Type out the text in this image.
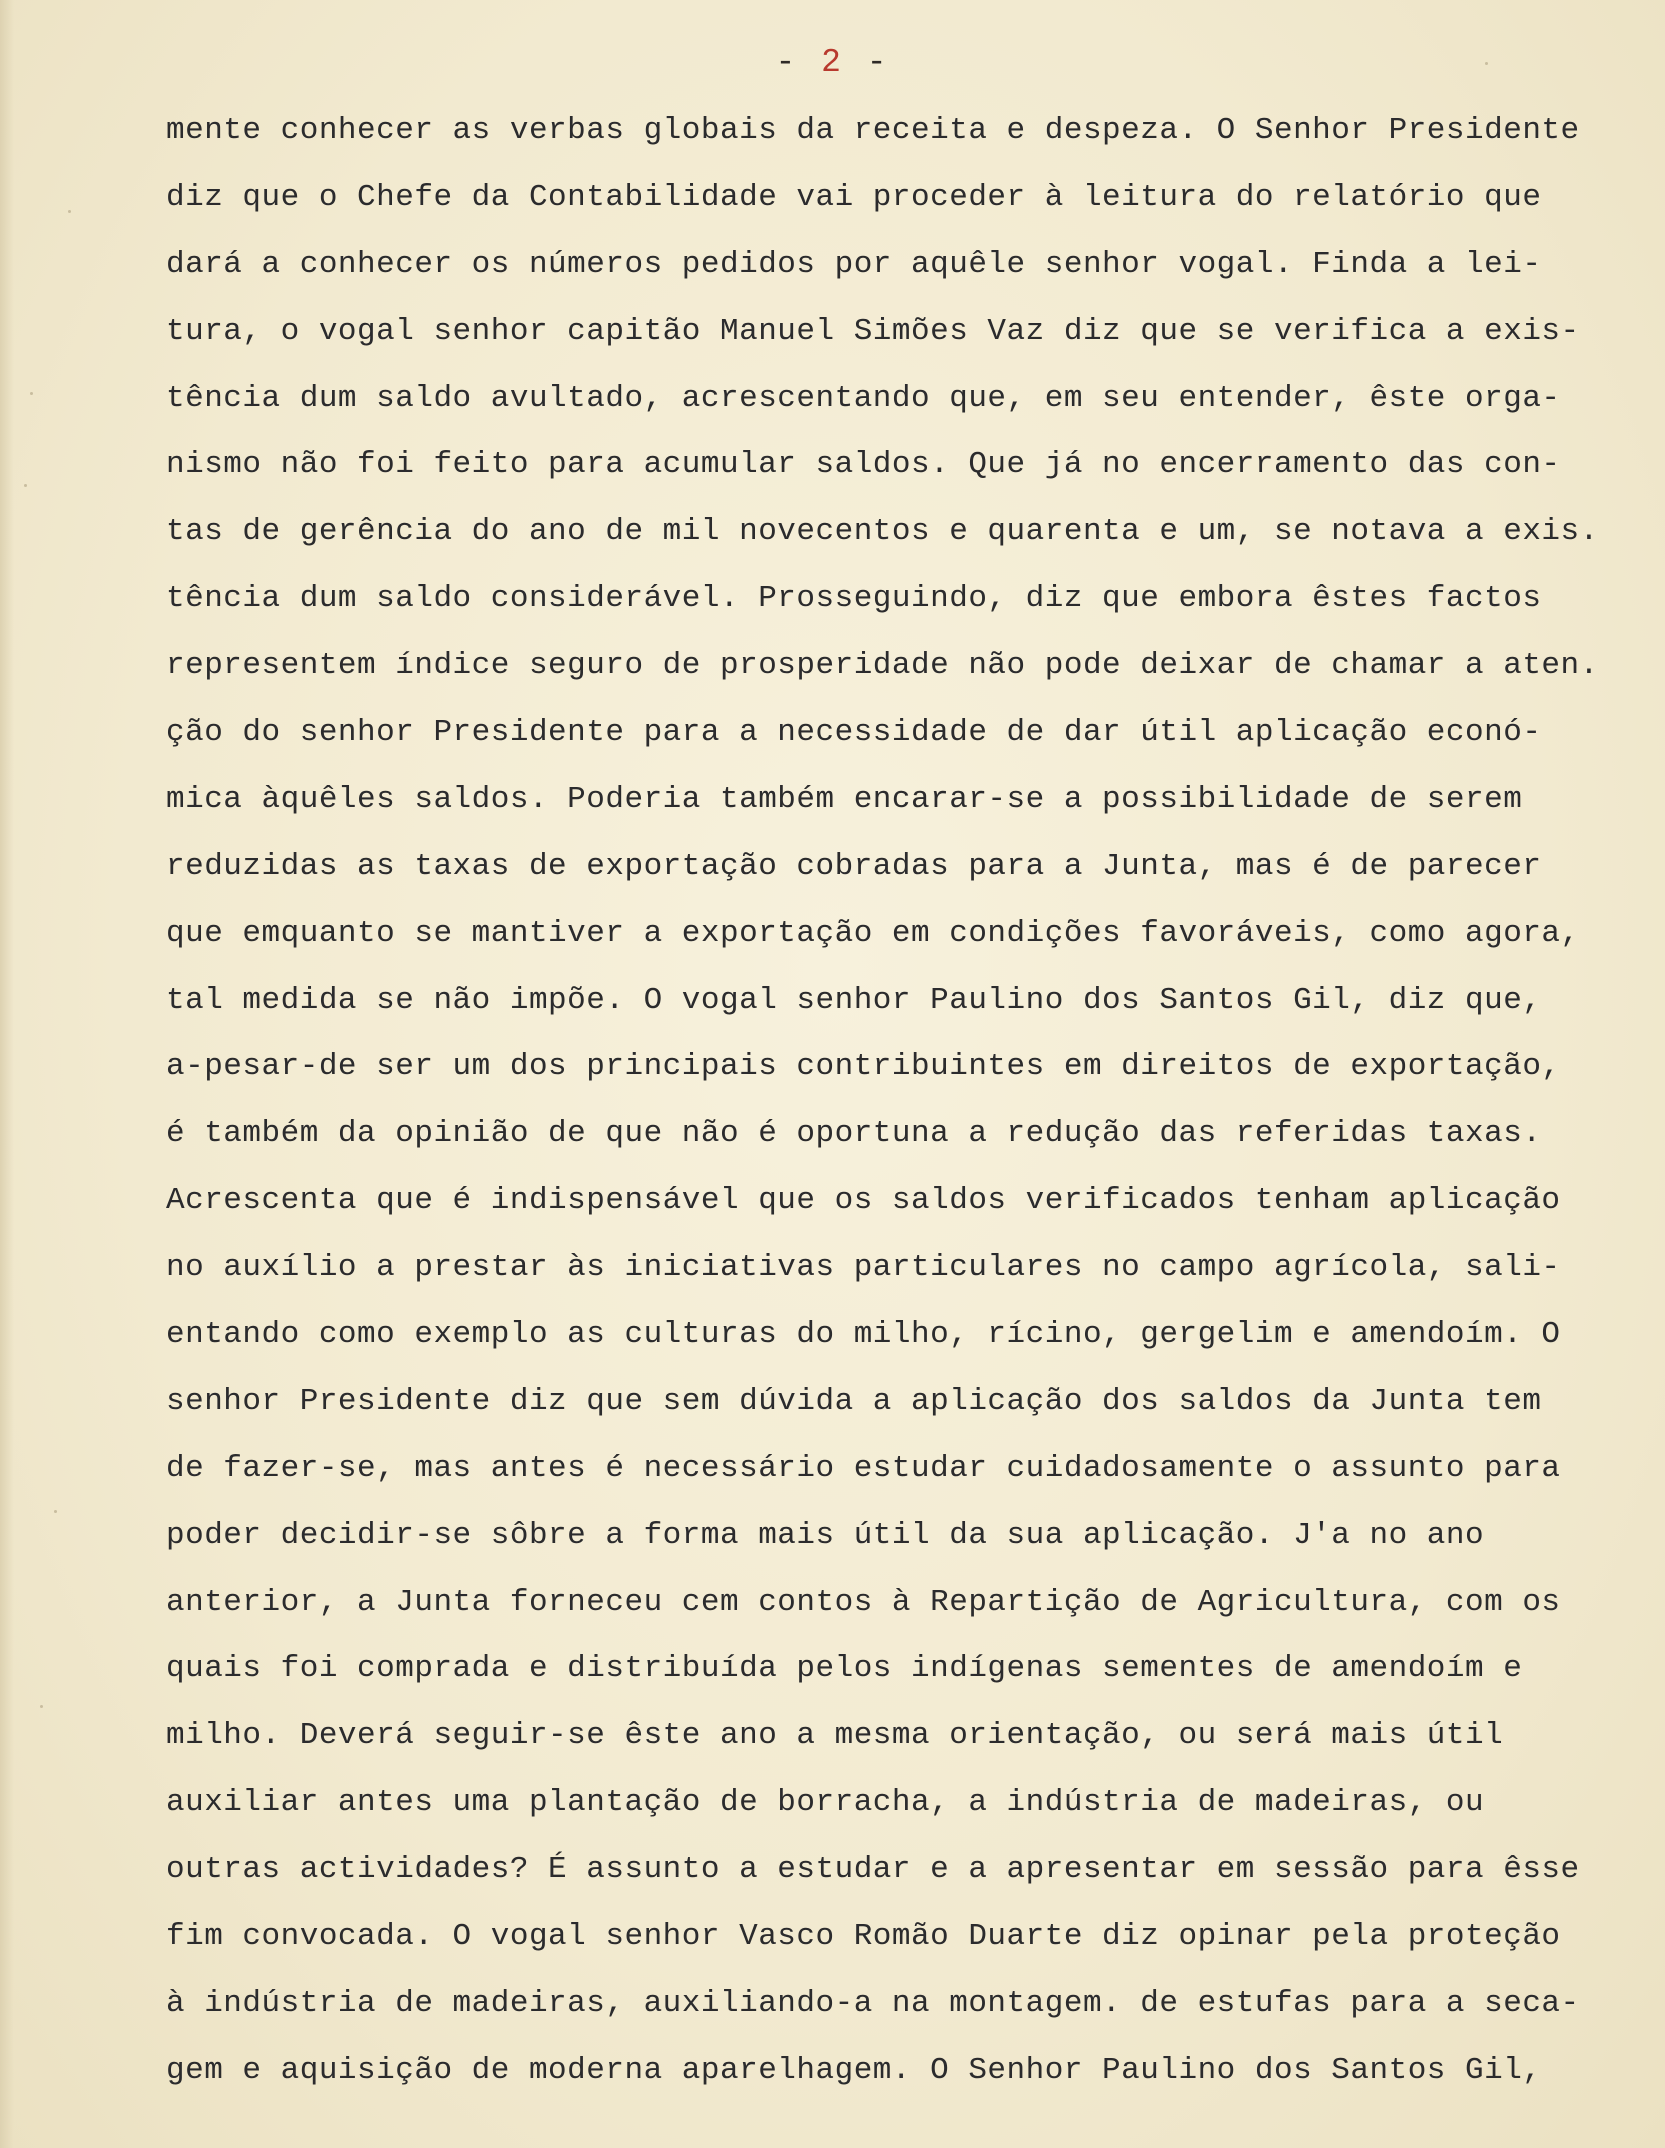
- 2 -
mente conhecer as verbas globais da receita e despeza. O Senhor Presidente
diz que o Chefe da Contabilidade vai proceder à leitura do relatório que
dará a conhecer os números pedidos por aquêle senhor vogal. Finda a lei-
tura, o vogal senhor capitão Manuel Simões Vaz diz que se verifica a exis-
tência dum saldo avultado, acrescentando que, em seu entender, êste orga-
nismo não foi feito para acumular saldos. Que já no encerramento das con-
tas de gerência do ano de mil novecentos e quarenta e um, se notava a exis.
tência dum saldo considerável. Prosseguindo, diz que embora êstes factos
representem índice seguro de prosperidade não pode deixar de chamar a aten.
ção do senhor Presidente para a necessidade de dar útil aplicação econó-
mica àquêles saldos. Poderia também encarar-se a possibilidade de serem
reduzidas as taxas de exportação cobradas para a Junta, mas é de parecer
que emquanto se mantiver a exportação em condições favoráveis, como agora,
tal medida se não impõe. O vogal senhor Paulino dos Santos Gil, diz que,
a-pesar-de ser um dos principais contribuintes em direitos de exportação,
é também da opinião de que não é oportuna a redução das referidas taxas.
Acrescenta que é indispensável que os saldos verificados tenham aplicação
no auxílio a prestar às iniciativas particulares no campo agrícola, sali-
entando como exemplo as culturas do milho, rícino, gergelim e amendoím. O
senhor Presidente diz que sem dúvida a aplicação dos saldos da Junta tem
de fazer-se, mas antes é necessário estudar cuidadosamente o assunto para
poder decidir-se sôbre a forma mais útil da sua aplicação. J'a no ano
anterior, a Junta forneceu cem contos à Repartição de Agricultura, com os
quais foi comprada e distribuída pelos indígenas sementes de amendoím e
milho. Deverá seguir-se êste ano a mesma orientação, ou será mais útil
auxiliar antes uma plantação de borracha, a indústria de madeiras, ou
outras actividades? É assunto a estudar e a apresentar em sessão para êsse
fim convocada. O vogal senhor Vasco Romão Duarte diz opinar pela proteção
à indústria de madeiras, auxiliando-a na montagem. de estufas para a seca-
gem e aquisição de moderna aparelhagem. O Senhor Paulino dos Santos Gil,
